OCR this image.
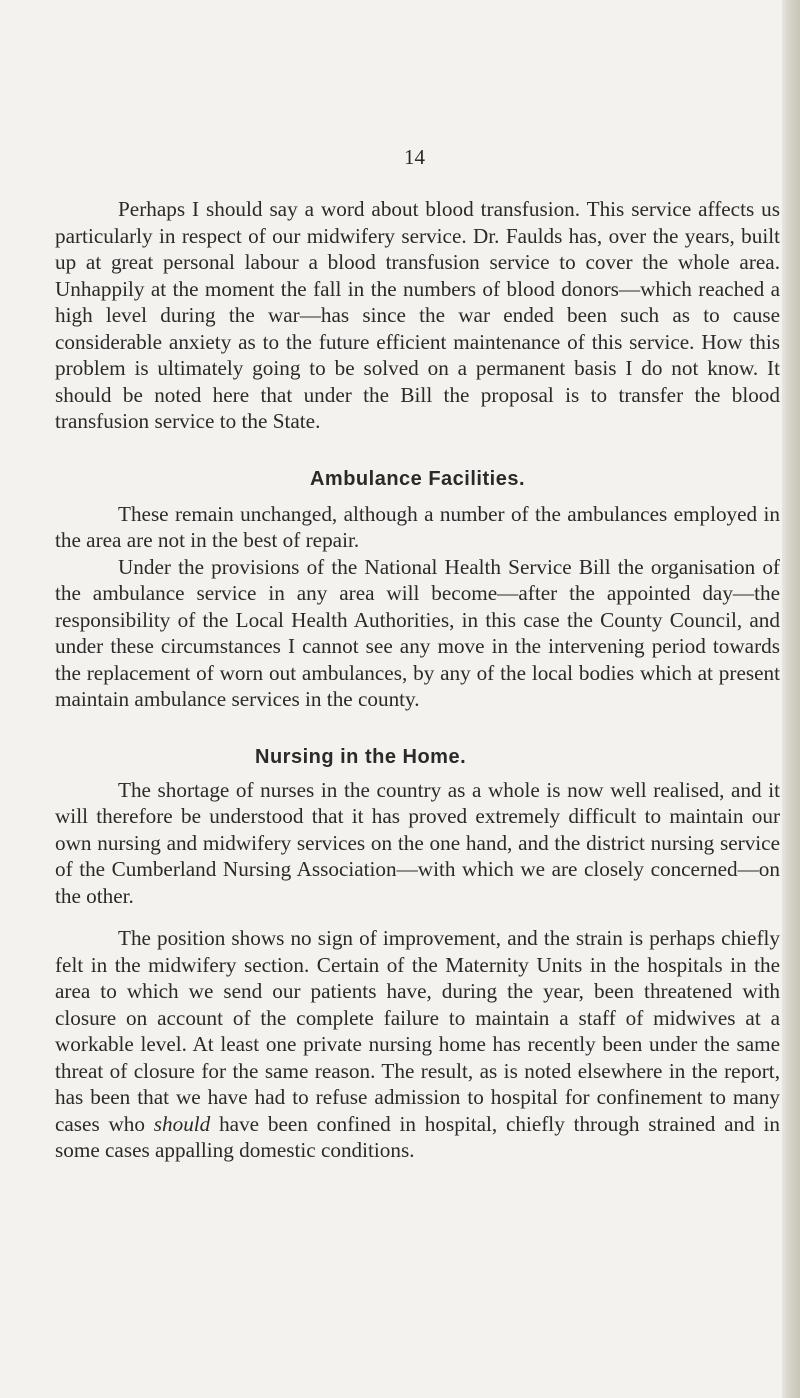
14

Perhaps I should say a word about blood transfusion. This service affects us particularly in respect of our midwifery service. Dr. Faulds has, over the years, built up at great personal labour a blood transfusion service to cover the whole area. Unhappily at the moment the fall in the numbers of blood donors—which reached a high level during the war—has since the war ended been such as to cause considerable anxiety as to the future efficient maintenance of this service. How this problem is ultimately going to be solved on a permanent basis I do not know. It should be noted here that under the Bill the proposal is to transfer the blood transfusion service to the State.

Ambulance Facilities.

These remain unchanged, although a number of the ambulances employed in the area are not in the best of repair.

Under the provisions of the National Health Service Bill the organisation of the ambulance service in any area will become—after the appointed day—the responsibility of the Local Health Authorities, in this case the County Council, and under these circumstances I cannot see any move in the intervening period towards the replacement of worn out ambulances, by any of the local bodies which at present maintain ambulance services in the county.

Nursing in the Home.

The shortage of nurses in the country as a whole is now well realised, and it will therefore be understood that it has proved extremely difficult to maintain our own nursing and midwifery services on the one hand, and the district nursing service of the Cumberland Nursing Association—with which we are closely concerned—on the other.

The position shows no sign of improvement, and the strain is perhaps chiefly felt in the midwifery section. Certain of the Maternity Units in the hospitals in the area to which we send our patients have, during the year, been threatened with closure on account of the complete failure to maintain a staff of midwives at a workable level. At least one private nursing home has recently been under the same threat of closure for the same reason. The result, as is noted elsewhere in the report, has been that we have had to refuse admission to hospital for confinement to many cases who should have been confined in hospital, chiefly through strained and in some cases appalling domestic conditions.
